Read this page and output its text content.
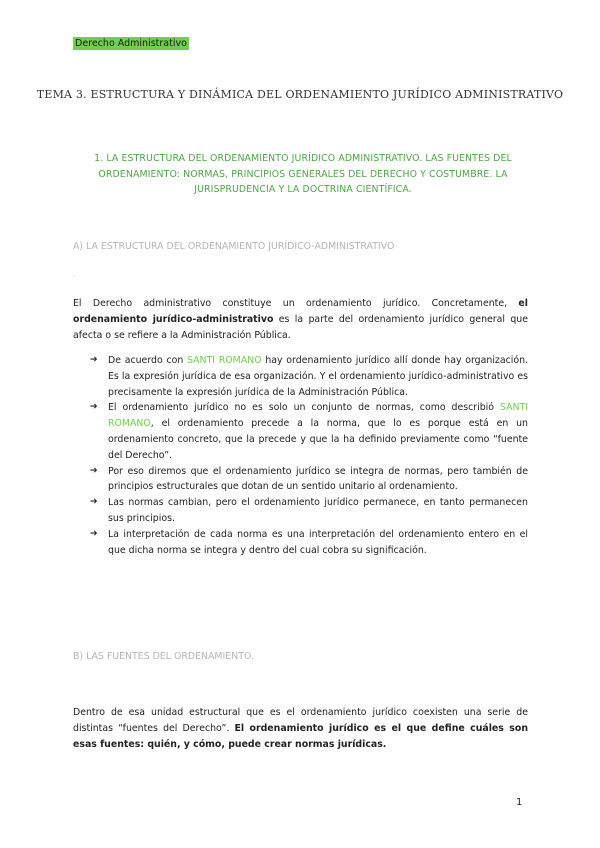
Derecho Administrativo
TEMA 3. ESTRUCTURA Y DINÁMICA DEL ORDENAMIENTO JURÍDICO ADMINISTRATIVO
1. LA ESTRUCTURA DEL ORDENAMIENTO JURÍDICO ADMINISTRATIVO. LAS FUENTES DEL ORDENAMIENTO: NORMAS, PRINCIPIOS GENERALES DEL DERECHO Y COSTUMBRE. LA JURISPRUDENCIA Y LA DOCTRINA CIENTÍFICA.
A) LA ESTRUCTURA DEL ORDENAMIENTO JURÍDICO-ADMINISTRATIVO
.
El Derecho administrativo constituye un ordenamiento jurídico. Concretamente, el ordenamiento jurídico-administrativo es la parte del ordenamiento jurídico general que afecta o se refiere a la Administración Pública.
➔ De acuerdo con SANTI ROMANO hay ordenamiento jurídico allí donde hay organización. Es la expresión jurídica de esa organización. Y el ordenamiento jurídico-administrativo es precisamente la expresión jurídica de la Administración Pública.
➔ El ordenamiento jurídico no es solo un conjunto de normas, como describió SANTI ROMANO, el ordenamiento precede a la norma, que lo es porque está en un ordenamiento concreto, que la precede y que la ha definido previamente como “fuente del Derecho”.
➔ Por eso diremos que el ordenamiento jurídico se integra de normas, pero también de principios estructurales que dotan de un sentido unitario al ordenamiento.
➔ Las normas cambian, pero el ordenamiento jurídico permanece, en tanto permanecen sus principios.
➔ La interpretación de cada norma es una interpretación del ordenamiento entero en el que dicha norma se integra y dentro del cual cobra su significación.
B) LAS FUENTES DEL ORDENAMIENTO.
Dentro de esa unidad estructural que es el ordenamiento jurídico coexisten una serie de distintas “fuentes del Derecho”. El ordenamiento jurídico es el que define cuáles son esas fuentes: quién, y cómo, puede crear normas jurídicas.
1
